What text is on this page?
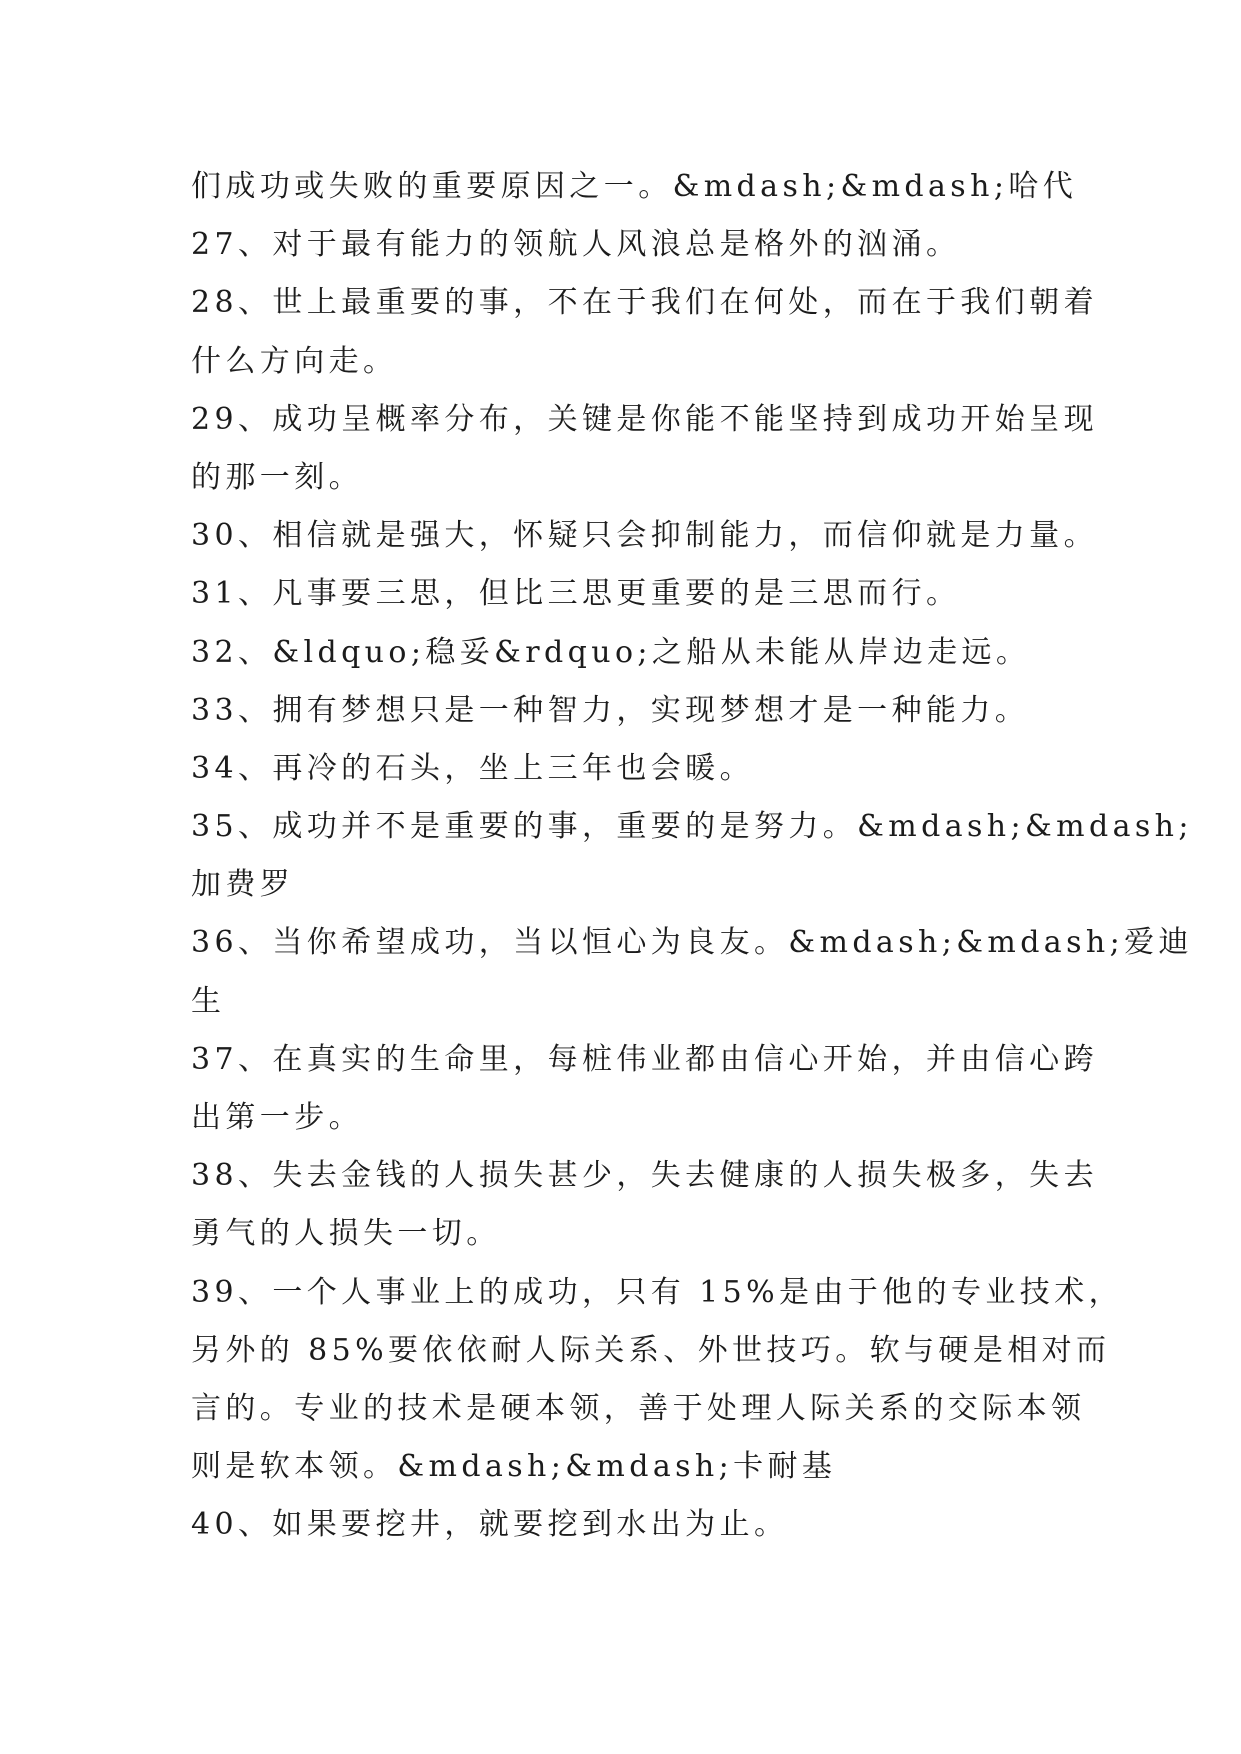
们成功或失败的重要原因之一。&mdash;&mdash;哈代
27、对于最有能力的领航人风浪总是格外的汹涌。
28、世上最重要的事，不在于我们在何处，而在于我们朝着
什么方向走。
29、成功呈概率分布，关键是你能不能坚持到成功开始呈现
的那一刻。
30、相信就是强大，怀疑只会抑制能力，而信仰就是力量。
31、凡事要三思，但比三思更重要的是三思而行。
32、&ldquo;稳妥&rdquo;之船从未能从岸边走远。
33、拥有梦想只是一种智力，实现梦想才是一种能力。
34、再冷的石头，坐上三年也会暖。
35、成功并不是重要的事，重要的是努力。&mdash;&mdash;
加费罗
36、当你希望成功，当以恒心为良友。&mdash;&mdash;爱迪
生
37、在真实的生命里，每桩伟业都由信心开始，并由信心跨
出第一步。
38、失去金钱的人损失甚少，失去健康的人损失极多，失去
勇气的人损失一切。
39、一个人事业上的成功，只有 15%是由于他的专业技术，
另外的 85%要依依耐人际关系、外世技巧。软与硬是相对而
言的。专业的技术是硬本领，善于处理人际关系的交际本领
则是软本领。&mdash;&mdash;卡耐基
40、如果要挖井，就要挖到水出为止。
